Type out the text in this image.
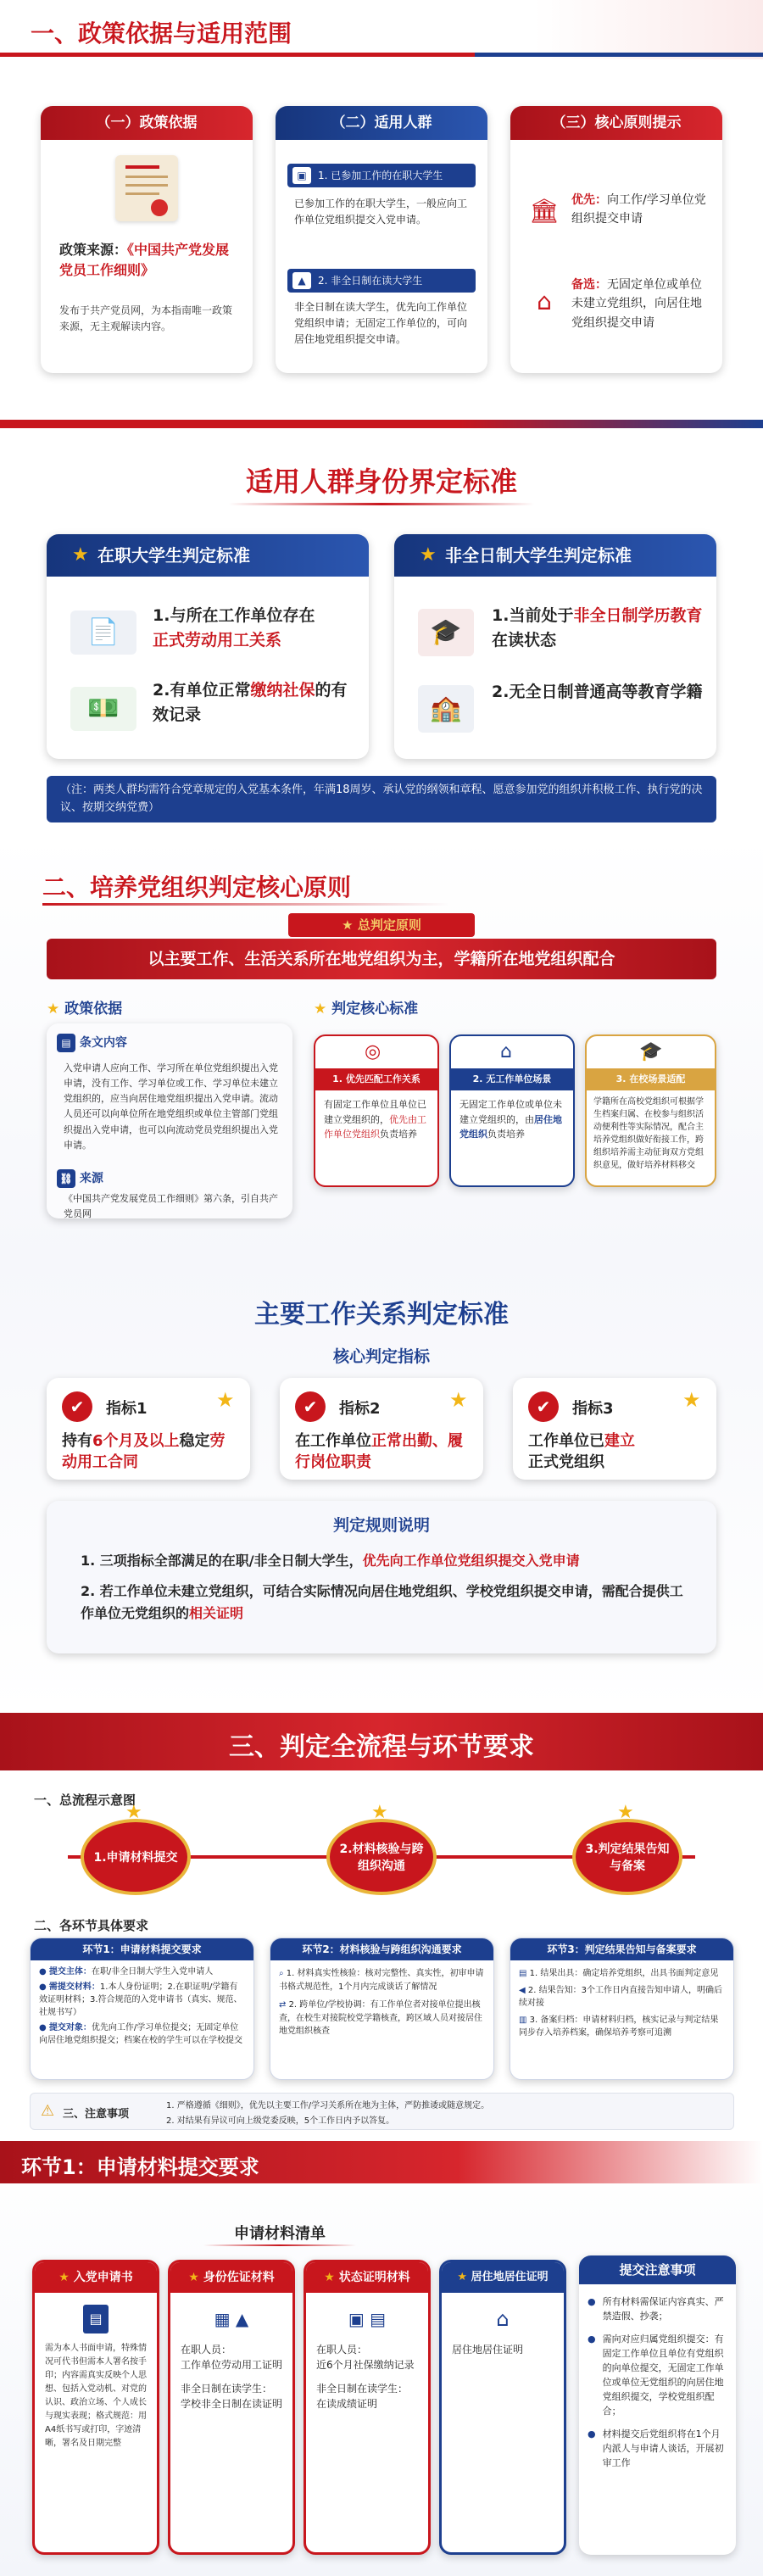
一、政策依据与适用范围
（一）政策依据
政策来源：《中国共产党发展党员工作细则》
发布于共产党员网，为本指南唯一政策来源，无主观解读内容。
（二）适用人群
▣	1. 已参加工作的在职大学生
已参加工作的在职大学生，一般应向工作单位党组织提交入党申请。
▲	2. 非全日制在读大学生
非全日制在读大学生，优先向工作单位党组织申请；无固定工作单位的，可向居住地党组织提交申请。
（三）核心原则提示
🏛 优先：向工作/学习单位党组织提交申请
⌂
备选：无固定单位或单位未建立党组织，向居住地党组织提交申请
适用人群身份界定标准
★ 在职大学生判定标准
📄
1.与所在工作单位存在
正式劳动用工关系
💵
2.有单位正常缴纳社保的有效记录
★ 非全日制大学生判定标准
🎓
1.当前处于非全日制学历教育在读状态
🏫
2.无全日制普通高等教育学籍
（注：两类人群均需符合党章规定的入党基本条件，年满18周岁、承认党的纲领和章程、愿意参加党的组织并积极工作、执行党的决议、按期交纳党费）
二、培养党组织判定核心原则
★ 总判定原则
以主要工作、生活关系所在地党组织为主，学籍所在地党组织配合
★ 政策依据
▤ 条文内容
入党申请人应向工作、学习所在单位党组织提出入党申请，没有工作、学习单位或工作、学习单位未建立党组织的，应当向居住地党组织提出入党申请。流动人员还可以向单位所在地党组织或单位主管部门党组织提出入党申请，也可以向流动党员党组织提出入党申请。
⛓ 来源
《中国共产党发展党员工作细则》第六条，引自共产党员网
★ 判定核心标准
◎
1. 优先匹配工作关系
有固定工作单位且单位已建立党组织的，优先由工作单位党组织负责培养
⌂
2. 无工作单位场景
无固定工作单位或单位未建立党组织的，由居住地党组织负责培养
🎓
3. 在校场景适配
学籍所在高校党组织可根据学生档案归属、在校参与组织活动便利性等实际情况，配合主培养党组织做好衔接工作，跨组织培养需主动征询双方党组织意见，做好培养材料移交
主要工作关系判定标准
核心判定指标
✔	指标1	★
持有6个月及以上稳定劳动用工合同
✔	指标2	★
在工作单位正常出勤、履行岗位职责
✔	指标3	★
工作单位已建立
正式党组织
判定规则说明
1. 三项指标全部满足的在职/非全日制大学生，优先向工作单位党组织提交入党申请
2. 若工作单位未建立党组织，可结合实际情况向居住地党组织、学校党组织提交申请，需配合提供工作单位无党组织的相关证明
三、判定全流程与环节要求
一、总流程示意图
1.申请材料提交
★
2.材料核验与跨组织沟通
★
3.判定结果告知与备案
★
二、各环节具体要求
环节1：申请材料提交要求
● 提交主体：在职/非全日制大学生入党申请人
● 需提交材料：1.本人身份证明；2.在职证明/学籍有效证明材料；3.符合规范的入党申请书（真实、规范、社规书写）
● 提交对象：优先向工作/学习单位提交；无固定单位向居住地党组织提交；档案在校的学生可以在学校提交
环节2：材料核验与跨组织沟通要求
⌕ 1. 材料真实性核验：核对完整性、真实性，初审申请书格式规范性，1个月内完成谈话了解情况
⇄ 2. 跨单位/学校协调：有工作单位者对接单位提出核查，在校生对接院校党学籍核查，跨区域人员对接居住地党组织核查
环节3：判定结果告知与备案要求
▤ 1. 结果出具：确定培养党组织，出具书面判定意见
◀ 2. 结果告知：3个工作日内直接告知申请人，明确后续对接
▥ 3. 备案归档：申请材料归档，核实记录与判定结果同步存入培养档案，确保培养考察可追溯
⚠ 三、注意事项
1. 严格遵循《细则》，优先以主要工作/学习关系所在地为主体，严防推诿或随意规定。
2. 对结果有异议可向上级党委反映，5个工作日内予以答复。
环节1：申请材料提交要求
申请材料清单
★ 入党申请书
▤
需为本人书面申请，特殊情况可代书但需本人署名按手印；内容需真实反映个人思想、包括入党动机、对党的认识、政治立场、个人成长与现实表现；格式规范：用A4纸书写或打印，字迹清晰，署名及日期完整
★ 身份佐证材料
▦ ▲
在职人员：
工作单位劳动用工证明
非全日制在读学生：
学校非全日制在读证明
★ 状态证明材料
▣ ▤
在职人员：
近6个月社保缴纳记录
非全日制在读学生：
在读成绩证明
★ 居住地居住证明
⌂
居住地居住证明
提交注意事项
● 所有材料需保证内容真实、严禁造假、抄袭；
● 需向对应归属党组织提交：有固定工作单位且单位有党组织的向单位提交，无固定工作单位或单位无党组织的向居住地党组织提交，学校党组织配合；
● 材料提交后党组织将在1个月内派人与申请人谈话，开展初审工作
